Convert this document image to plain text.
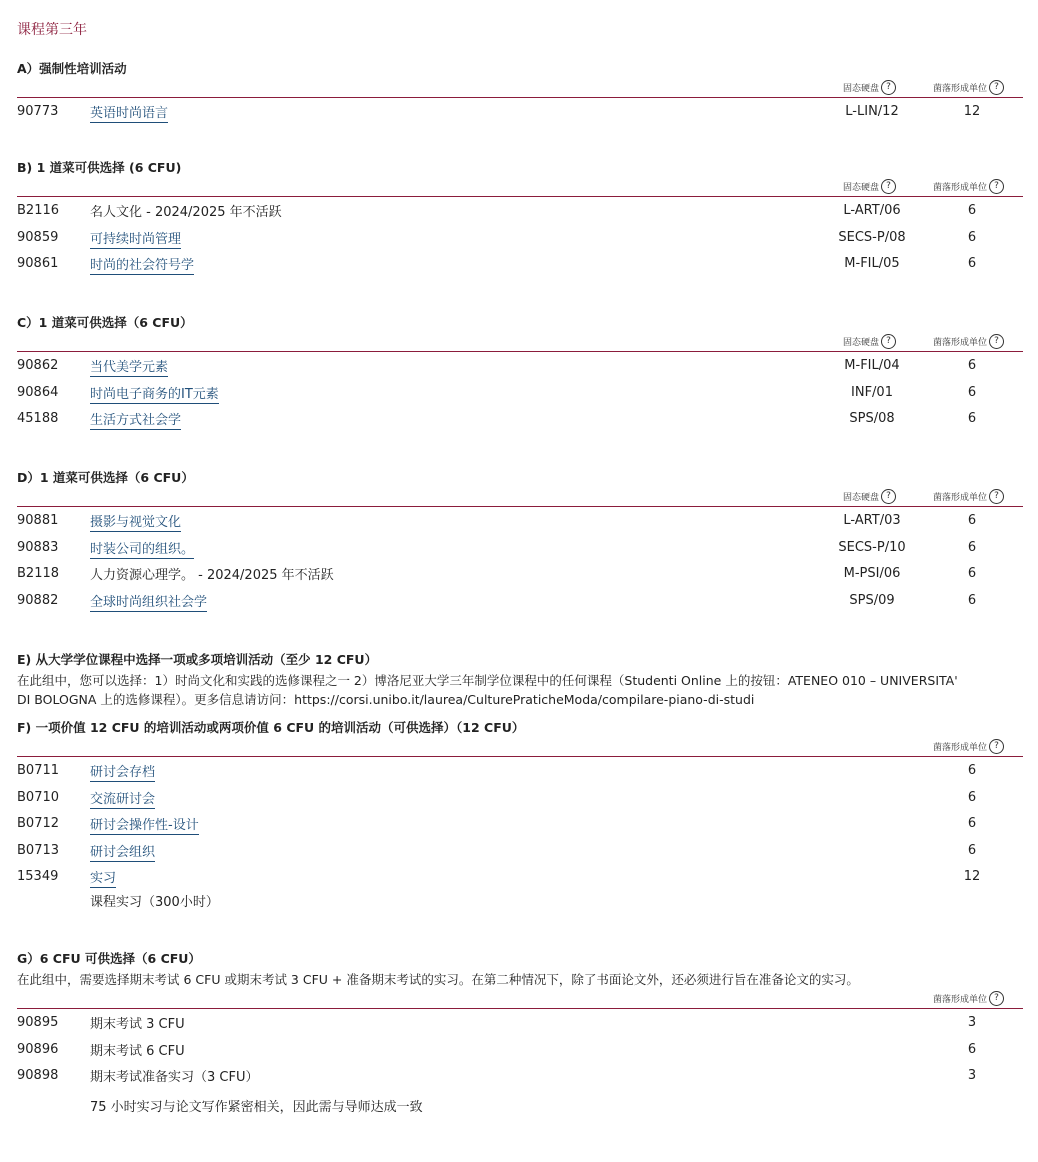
课程第三年
A）强制性培训活动
固态硬盘 ?	菌落形成单位 ?
90773 英语时尚语言	L-LIN/12	12
B) 1 道菜可供选择 (6 CFU)
固态硬盘 ?	菌落形成单位 ?
B2116 名人文化 - 2024/2025 年不活跃	L-ART/06	6
90859 可持续时尚管理	SECS-P/08	6
90861 时尚的社会符号学	M-FIL/05	6
C）1 道菜可供选择（6 CFU）
固态硬盘 ?	菌落形成单位 ?
90862 当代美学元素	M-FIL/04	6
90864 时尚电子商务的IT元素	INF/01	6
45188 生活方式社会学	SPS/08	6
D）1 道菜可供选择（6 CFU）
固态硬盘 ?	菌落形成单位 ?
90881 摄影与视觉文化	L-ART/03	6
90883 时装公司的组织。	SECS-P/10	6
B2118 人力资源心理学。 - 2024/2025 年不活跃	M-PSI/06	6
90882 全球时尚组织社会学	SPS/09	6
E) 从大学学位课程中选择一项或多项培训活动（至少 12 CFU）
在此组中，您可以选择：1）时尚文化和实践的选修课程之一 2）博洛尼亚大学三年制学位课程中的任何课程（Studenti Online 上的按钮：ATENEO 010 – UNIVERSITA'
DI BOLOGNA 上的选修课程）。更多信息请访问：https://corsi.unibo.it/laurea/CulturePraticheModa/compilare-piano-di-studi
F) 一项价值 12 CFU 的培训活动或两项价值 6 CFU 的培训活动（可供选择）（12 CFU）
菌落形成单位 ?
B0711 研讨会存档	6
B0710 交流研讨会	6
B0712 研讨会操作性-设计	6
B0713 研讨会组织	6
15349 实习	12
课程实习（300小时）
G）6 CFU 可供选择（6 CFU）
在此组中，需要选择期末考试 6 CFU 或期末考试 3 CFU + 准备期末考试的实习。在第二种情况下，除了书面论文外，还必须进行旨在准备论文的实习。
菌落形成单位 ?
90895 期末考试 3 CFU	3
90896 期末考试 6 CFU	6
90898 期末考试准备实习（3 CFU）	3
75 小时实习与论文写作紧密相关，因此需与导师达成一致
